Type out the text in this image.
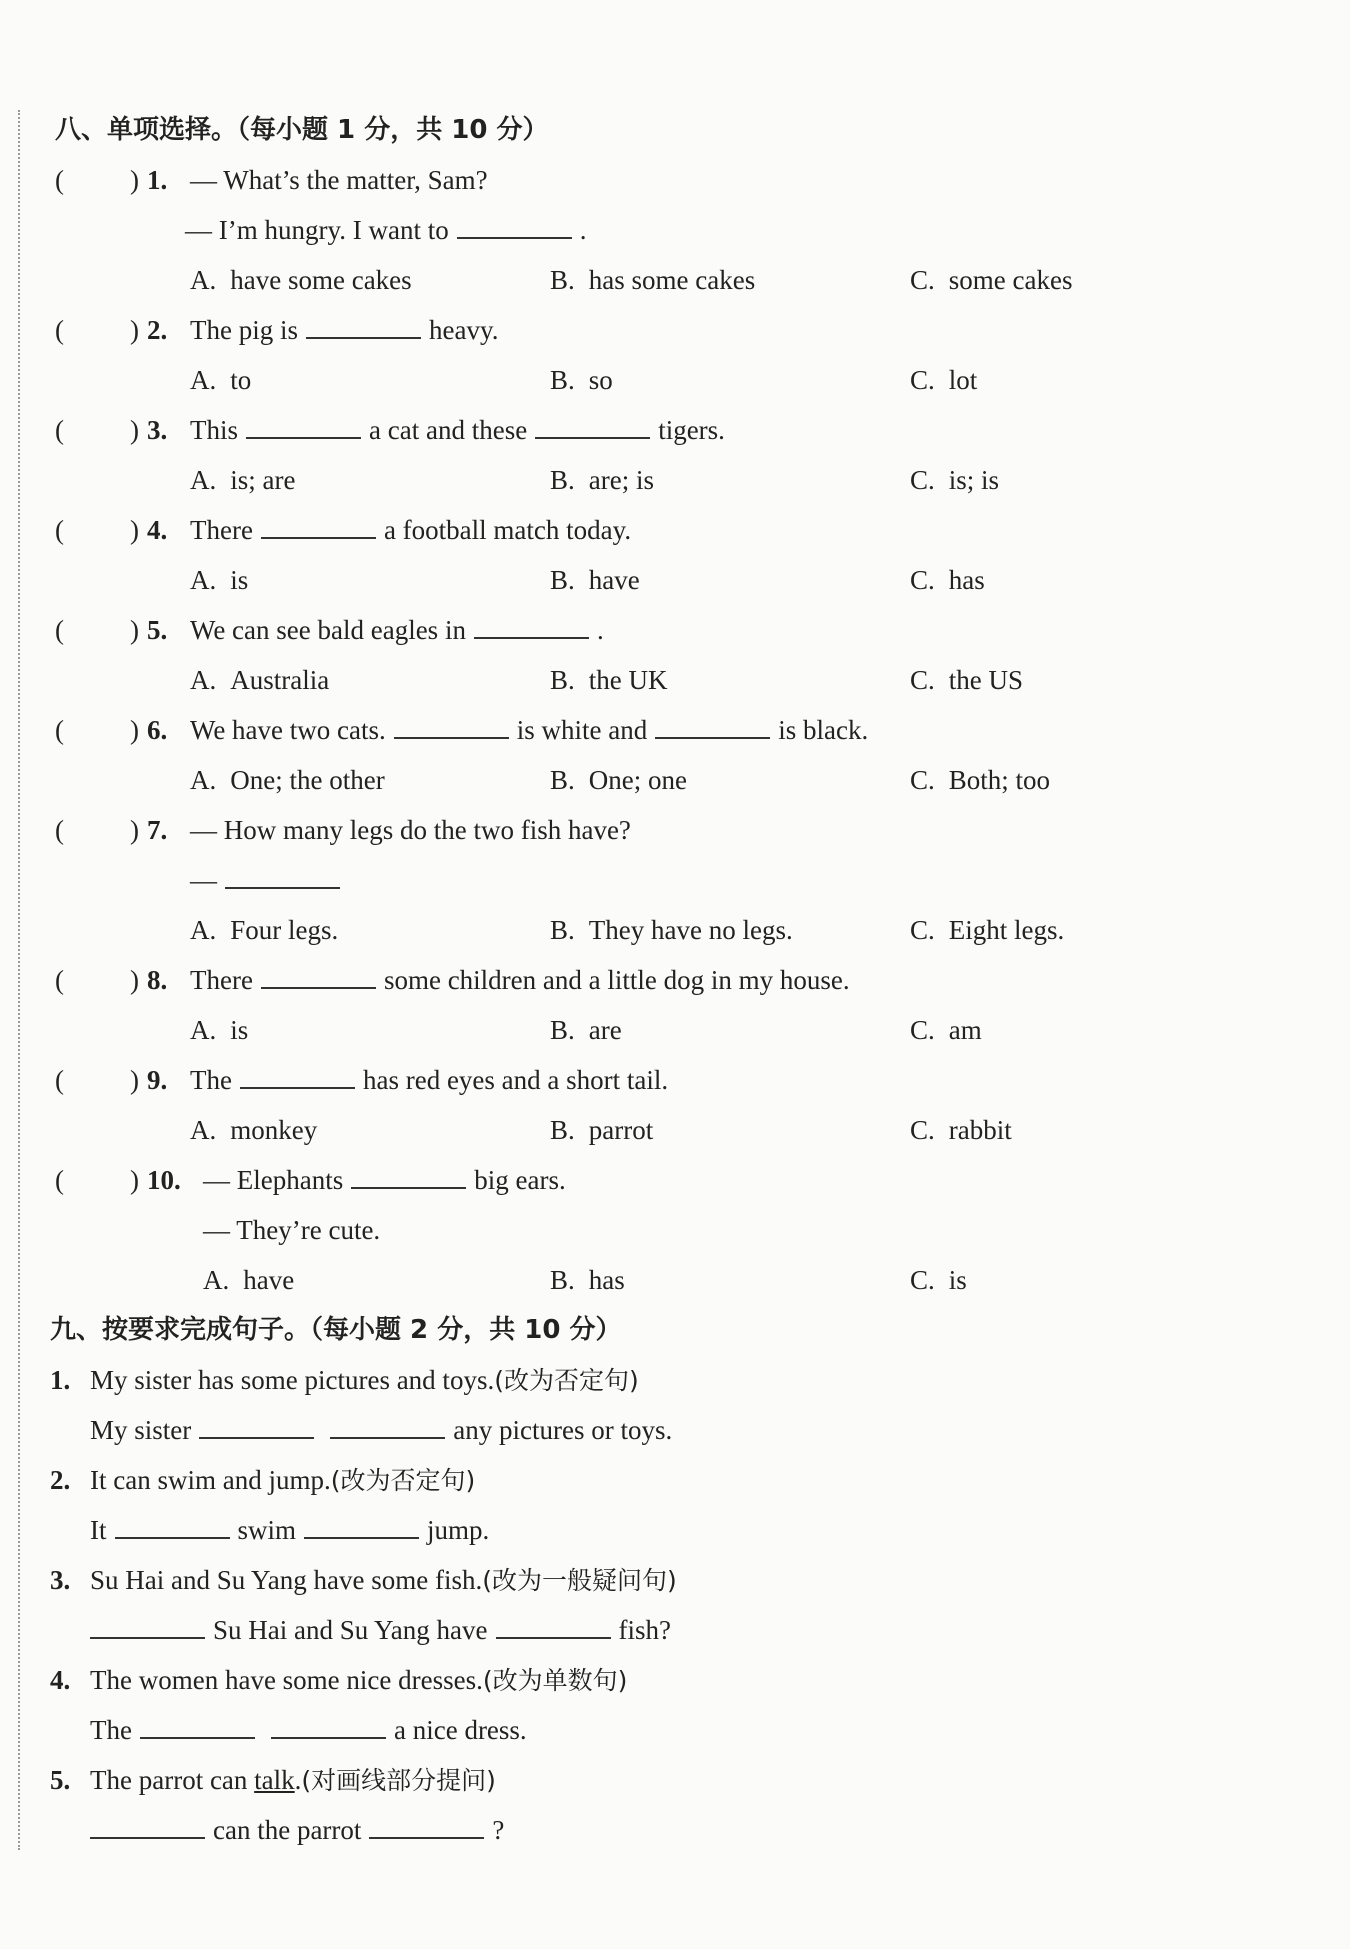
八、单项选择。（每小题 1 分，共 10 分）
( ) 1. — What’s the matter, Sam?
— I’m hungry. I want to	.
A. have some cakes	B. has some cakes	C. some cakes
( ) 2. The pig is	heavy.
A. to	B. so	C. lot
( ) 3. This	a cat and these	tigers.
A. is; are	B. are; is	C. is; is
( ) 4. There	a football match today.
A. is	B. have	C. has
( ) 5. We can see bald eagles in	.
A. Australia	B. the UK	C. the US
( ) 6. We have two cats.	is white and	is black.
A. One; the other	B. One; one	C. Both; too
( ) 7. — How many legs do the two fish have?
—
A. Four legs.	B. They have no legs.	C. Eight legs.
( ) 8. There	some children and a little dog in my house.
A. is	B. are	C. am
( ) 9. The	has red eyes and a short tail.
A. monkey	B. parrot	C. rabbit
( ) 10. — Elephants	big ears.
— They’re cute.
A. have	B. has	C. is
九、按要求完成句子。（每小题 2 分，共 10 分）
1. My sister has some pictures and toys.(改为否定句)
My sister	any pictures or toys.
2. It can swim and jump.(改为否定句)
It	swim	jump.
3. Su Hai and Su Yang have some fish.(改为一般疑问句)
Su Hai and Su Yang have	fish?
4. The women have some nice dresses.(改为单数句)
The	a nice dress.
5. The parrot can talk.(对画线部分提问)
can the parrot	?
